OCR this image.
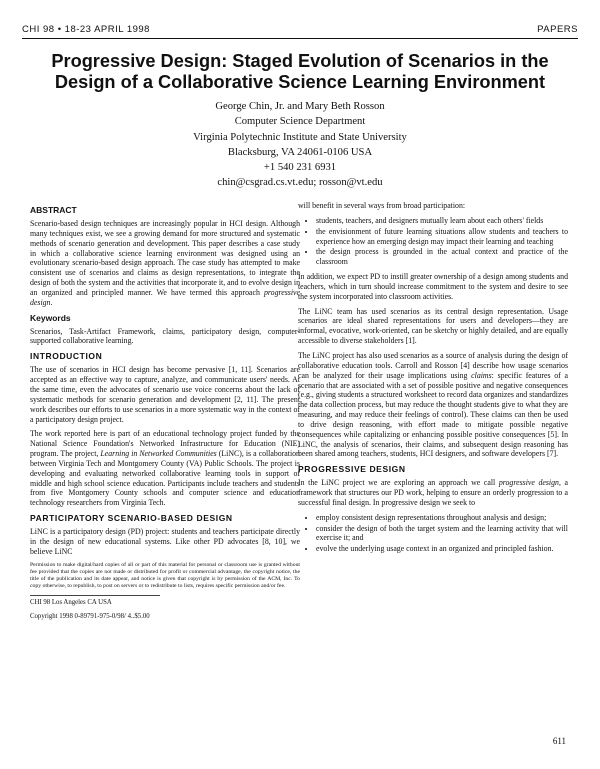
CHI 98 • 18-23 APRIL 1998	PAPERS
Progressive Design: Staged Evolution of Scenarios in the Design of a Collaborative Science Learning Environment
George Chin, Jr. and Mary Beth Rosson
Computer Science Department
Virginia Polytechnic Institute and State University
Blacksburg, VA 24061-0106 USA
+1 540 231 6931
chin@csgrad.cs.vt.edu; rosson@vt.edu
ABSTRACT

Scenario-based design techniques are increasingly popular in HCI design. Although many techniques exist, we see a growing demand for more structured and systematic methods of scenario generation and development. This paper describes a case study in which a collaborative science learning environment was designed using an evolutionary scenario-based design approach. The case study has attempted to make consistent use of scenarios and claims as design representations, to integrate the design of both the system and the activities that incorporate it, and to evolve design in an organized and principled manner. We have termed this approach progressive design.

Keywords

Scenarios, Task-Artifact Framework, claims, participatory design, computer-supported collaborative learning.

INTRODUCTION

The use of scenarios in HCI design has become pervasive [1, 11]. Scenarios are accepted as an effective way to capture, analyze, and communicate users' needs. At the same time, even the advocates of scenario use voice concerns about the lack of systematic methods for scenario generation and development [2, 11]. The present work describes our efforts to use scenarios in a more systematic way in the context of a participatory design project.

The work reported here is part of an educational technology project funded by the National Science Foundation's Networked Infrastructure for Education (NIE) program. The project, Learning in Networked Communities (LiNC), is a collaboration between Virginia Tech and Montgomery County (VA) Public Schools. The project is developing and evaluating networked collaborative learning tools in support of middle and high school science education. Participants include teachers and students from five Montgomery County schools and computer science and education technology researchers from Virginia Tech.

PARTICIPATORY SCENARIO-BASED DESIGN

LiNC is a participatory design (PD) project: students and teachers participate directly in the design of new educational systems. Like other PD advocates [8, 10], we believe LiNC

Permission to make digital/hard copies of all or part of this material for personal or classroom use is granted without fee provided that the copies are not made or distributed for profit or commercial advantage, the copyright notice, the title of the publication and its date appear, and notice is given that copyright is by permission of the ACM, Inc. To copy otherwise, to republish, to post on servers or to redistribute to lists, requires specific permission and/or fee.

CHI 98 Los Angeles CA USA

Copyright 1998 0-89791-975-0/98/ 4..$5.00

will benefit in several ways from broad participation:

• students, teachers, and designers mutually learn about each others' fields
• the envisionment of future learning situations allow students and teachers to experience how an emerging design may impact their learning and teaching
• the design process is grounded in the actual context and practice of the classroom

In addition, we expect PD to instill greater ownership of a design among students and teachers, which in turn should increase commitment to the system and desire to see the system incorporated into classroom activities.

The LiNC team has used scenarios as its central design representation. Usage scenarios are ideal shared representations for users and developers—they are informal, evocative, work-oriented, can be sketchy or highly detailed, and are equally accessible to diverse stakeholders [1].

The LiNC project has also used scenarios as a source of analysis during the design of collaborative education tools. Carroll and Rosson [4] describe how usage scenarios can be analyzed for their usage implications using claims: specific features of a scenario that are associated with a set of possible positive and negative consequences (e.g., giving students a structured worksheet to record data organizes and standardizes the data collection process, but may reduce the thought students give to what they are measuring, and may reduce their feelings of control). These claims can then be used to drive design reasoning, with effort made to mitigate possible negative consequences while capitalizing or enhancing possible positive consequences [5]. In LiNC, the analysis of scenarios, their claims, and subsequent design reasoning has been shared among teachers, students, HCI designers, and software developers [7].

PROGRESSIVE DESIGN

In the LiNC project we are exploring an approach we call progressive design, a framework that structures our PD work, helping to ensure an orderly progression to a successful final design. In progressive design we seek to

• employ consistent design representations throughout analysis and design;
• consider the design of both the target system and the learning activity that will exercise it; and
• evolve the underlying usage context in an organized and principled fashion.
611
